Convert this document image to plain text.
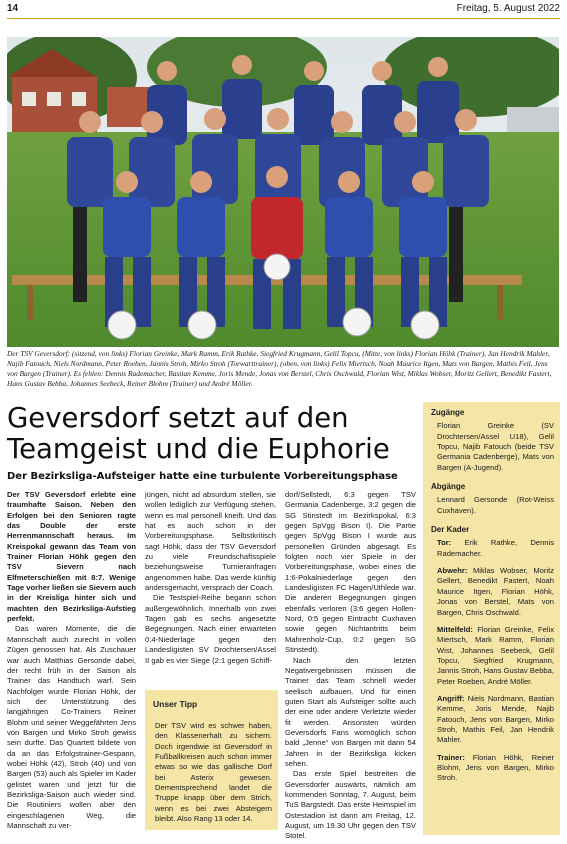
14	Freitag, 5. August 2022

Der TSV Geversdorf: (sitzend, von links) Florian Greinke, Mark Ramm, Erik Rathke, Siegfried Krugmann, Gelil Topcu, (Mitte, von links) Florian Höhk (Trainer), Jan Hendrik Mahler, Najib Fatouch, Niels Nordmann, Peter Roeben, Jannis Stroh, Mirko Stroh (Torwarttrainer), (oben, von links) Felix Miertsch, Noah Maurice Itgen, Mats von Bargen, Mathis Feil, Jens von Bargen (Trainer). Es fehlen: Dennis Rademacher, Bastian Kemme, Joris Mende, Jonas von Berstel, Chris Oschwald, Florian Wist, Miklas Wobser, Moritz Gellert, Benedikt Fastert, Hans Gustav Bebba, Johannes Seebeck, Reiner Blohm (Trainer) und André Möller.

Geversdorf setzt auf den Teamgeist und die Euphorie
Der Bezirksliga-Aufsteiger hatte eine turbulente Vorbereitungsphase

Der TSV Geversdorf erlebte eine traumhafte Saison. Neben den Erfolgen bei den Senioren ragte das Double der erste Herrenmannschaft heraus. Im Kreispokal gewann das Team von Trainer Florian Höhk gegen den TSV Sievern nach Elfmeterschießen mit 8:7. Wenige Tage vorher ließen sie Sievern auch in der Kreisliga hinter sich und machten den Bezirksliga-Aufstieg perfekt.

Das waren Momente, die die Mannschaft auch zurecht in vollen Zügen genossen hat. Als Zuschauer war auch Matthias Gersonde dabei, der recht früh in der Saison als Trainer das Handtuch warf. Sein Nachfolger wurde Florian Höhk, der sich der Unterstützung des langjährigen Co-Trainers Reiner Blohm und seiner Weggefährten Jens von Bargen und Mirko Stroh gewiss sein durfte. Das Quartett bildete von da an das Erfolgstrainer-Gespann, wobei Höhk (42), Stroh (40) und von Bargen (53) auch als Spieler im Kader gelistet waren und jetzt für die Bezirksliga-Saison auch wieder sind. Die Routiniers wollen aber den eingeschlagenen Weg, die Mannschaft zu ver-

jüngen, nicht ad absurdum stellen, sie wollen lediglich zur Verfügung stehen, wenn es mal personell kneift. Und das hat es auch schon in der Vorbereitungsphase. Selbstkritisch sagt Höhk, dass der TSV Geversdorf zu viele Freundschaftsspiele beziehungsweise Turnieranfragen angenommen habe. Das werde künftig andersgemacht, versprach der Coach.

Die Testspiel-Reihe begann schon außergewöhnlich. Innerhalb von zwei Tagen gab es sechs angesetzte Begegnungen. Nach einer erwarteten 0:4-Niederlage gegen den Landesligisten SV Drochtersen/Assel II gab es vier Siege (2:1 gegen Schiff-

Unser Tipp

Der TSV wird es schwer haben, den Klassenerhalt zu sichern. Doch irgendwie ist Geversdorf in Fußballkreisen auch schon immer etwas so wie das gallische Dorf bei Asterix gewesen. Dementsprechend landet die Truppe knapp über dem Strich, wenn es bei zwei Absteigern bleibt. Also Rang 13 oder 14.

dorf/Sellstedt, 6:3 gegen TSV Germania Cadenberge, 3:2 gegen die SG Stinstedt im Bezirkspokal, 6:3 gegen SpVgg Bison I). Die Partie gegen SpVgg Bison I wurde aus personellen Gründen abgesagt. Es folgten noch vier Spiele in der Vorbereitungsphase, wobei eines die 1:6-Pokalniederlage gegen den Landesligisten FC Hagen/Uthlede war. Die anderen Begegnungen gingen ebenfalls verloren (3:6 gegen Hollen-Nord, 0:5 gegen Eintracht Cuxhaven sowie gegen Nichtantritts beim Mahrenholz-Cup, 0:2 gegen SG Stinstedt).

Nach den letzten Negativergebnissen müssen die Trainer das Team schnell wieder seelisch aufbauen. Und für einen guten Start als Aufsteiger sollte auch der eine oder andere Verletzte wieder fit werden. Ansonsten würden Geversdorfs Fans womöglich schon bald „Jenne“ von Bargen mit dann 54 Jahren in der Bezirksliga kicken sehen.

Das erste Spiel bestreiten die Geversdorfer auswärts, nämlich am kommenden Sonntag, 7. August, beim TuS Bargstedt. Das erste Heimspiel im Ostestadion ist dann am Freitag, 12. August, um 19.30 Uhr gegen den TSV Stotel.

Zugänge

Florian Greinke (SV Drochtersen/Assel U18), Gelil Topcu, Najib Fatouch (beide TSV Germania Cadenberge), Mats von Bargen (A-Jugend).

Abgänge

Lennard Gersonde (Rot-Weiss Cuxhaven).

Der Kader

Tor: Erik Rathke, Dennis Rademacher.

Abwehr: Miklas Wobser, Moritz Gellert, Benedikt Fastert, Noah Maurice Itgen, Florian Höhk, Jonas von Berstel, Mats von Bargen, Chris Oschwald.

Mittelfeld: Florian Greinke, Felix Miertsch, Mark Ramm, Florian Wist, Johannes Seebeck, Gelil Topcu, Siegfried Krugmann, Jannis Stroh, Hans Gustav Bebba, Peter Roeben, André Möller.

Angriff: Niels Nordmann, Bastian Kemme, Joris Mende, Najib Fatouch, Jens von Bargen, Mirko Stroh, Mathis Feil, Jan Hendrik Mahler.

Trainer: Florian Höhk, Reiner Blohm, Jens von Bargen, Mirko Stroh.
